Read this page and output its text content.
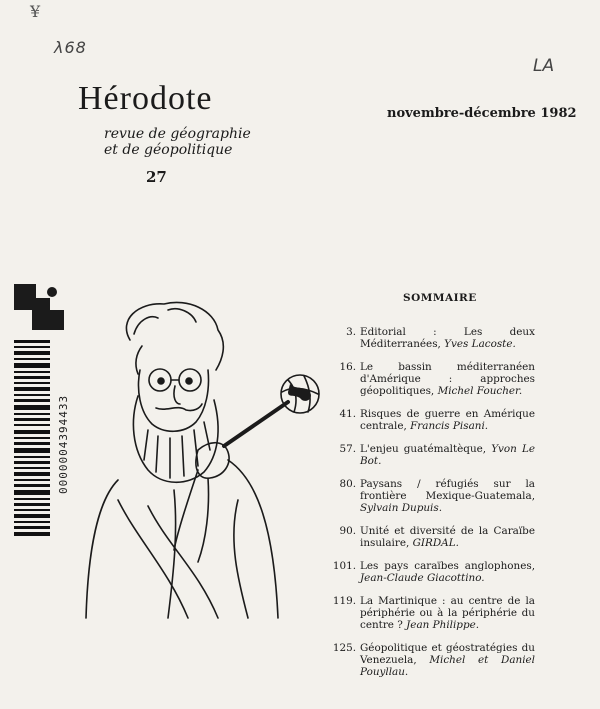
¥
λ68
LA
Hérodote
revue de géographie
et de géopolitique
27
novembre-décembre 1982
0000004394433
SOMMAIRE
3. Editorial : Les deux Méditerranées, Yves Lacoste.
16. Le bassin méditerranéen d'Amérique : approches géopolitiques, Michel Foucher.
41. Risques de guerre en Amérique centrale, Francis Pisani.
57. L'enjeu guatémaltèque, Yvon Le Bot.
80. Paysans / réfugiés sur la frontière Mexique-Guatemala, Sylvain Dupuis.
90. Unité et diversité de la Caraïbe insulaire, GIRDAL.
101. Les pays caraïbes anglophones, Jean-Claude Giacottino.
119. La Martinique : au centre de la périphérie ou à la périphérie du centre ? Jean Philippe.
125. Géopolitique et géostratégies du Venezuela, Michel et Daniel Pouyllau.
